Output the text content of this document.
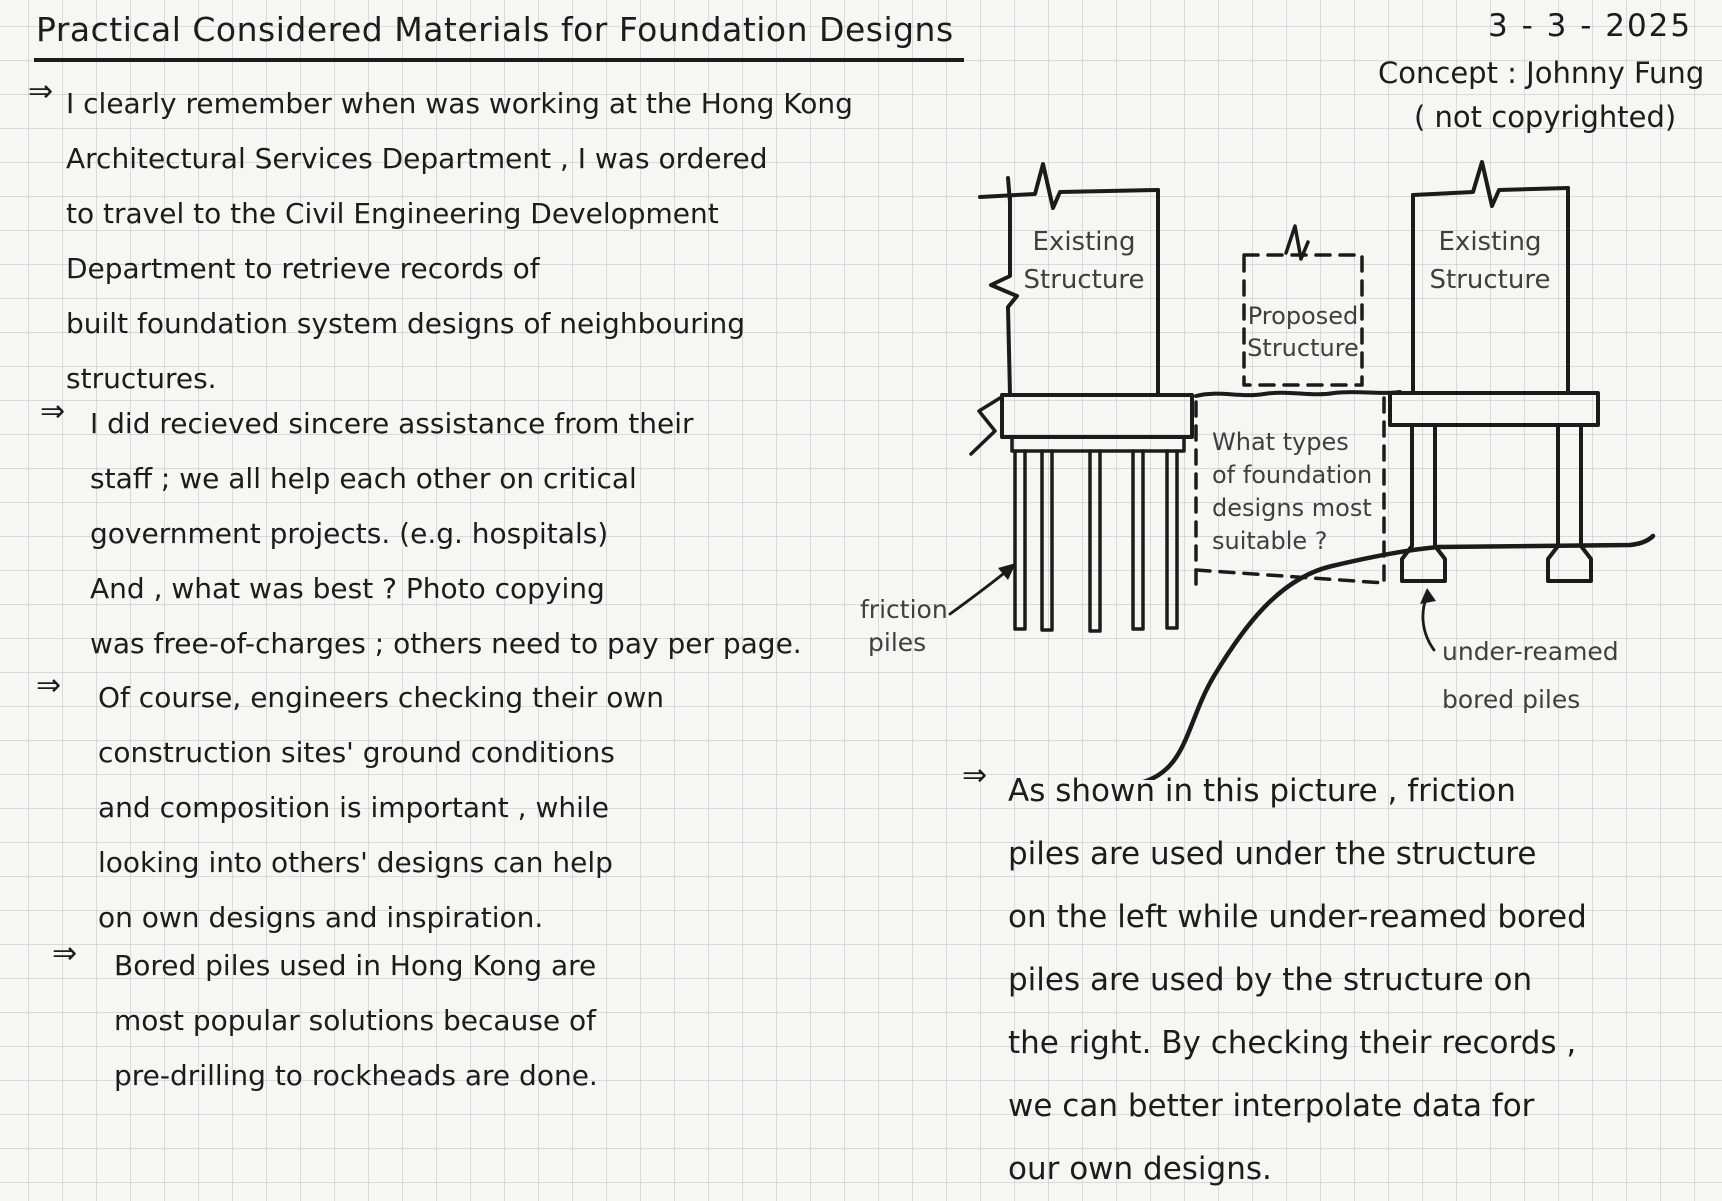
Practical Considered Materials for Foundation Designs	3 - 3 - 2025
Concept : Johnny Fung
( not copyrighted)
⇒ I clearly remember when was working at the Hong Kong
Architectural Services Department , I was ordered
to travel to the Civil Engineering Development
Department to retrieve records of
built foundation system designs of neighbouring
structures.
⇒ I did recieved sincere assistance from their
staff ; we all help each other on critical
government projects. (e.g. hospitals)
And , what was best ? Photo copying
was free-of-charges ; others need to pay per page.
⇒ Of course, engineers checking their own
construction sites' ground conditions
and composition is important , while
looking into others' designs can help
on own designs and inspiration.
⇒ Bored piles used in Hong Kong are
most popular solutions because of
pre-drilling to rockheads are done.
⇒ As shown in this picture , friction
piles are used under the structure
on the left while under-reamed bored
piles are used by the structure on
the right. By checking their records ,
we can better interpolate data for
our own designs.
Existing
Structure
Existing
Structure
Proposed
Structure
What types
of foundation
designs most
suitable ?
friction
piles	under-reamed
bored piles
